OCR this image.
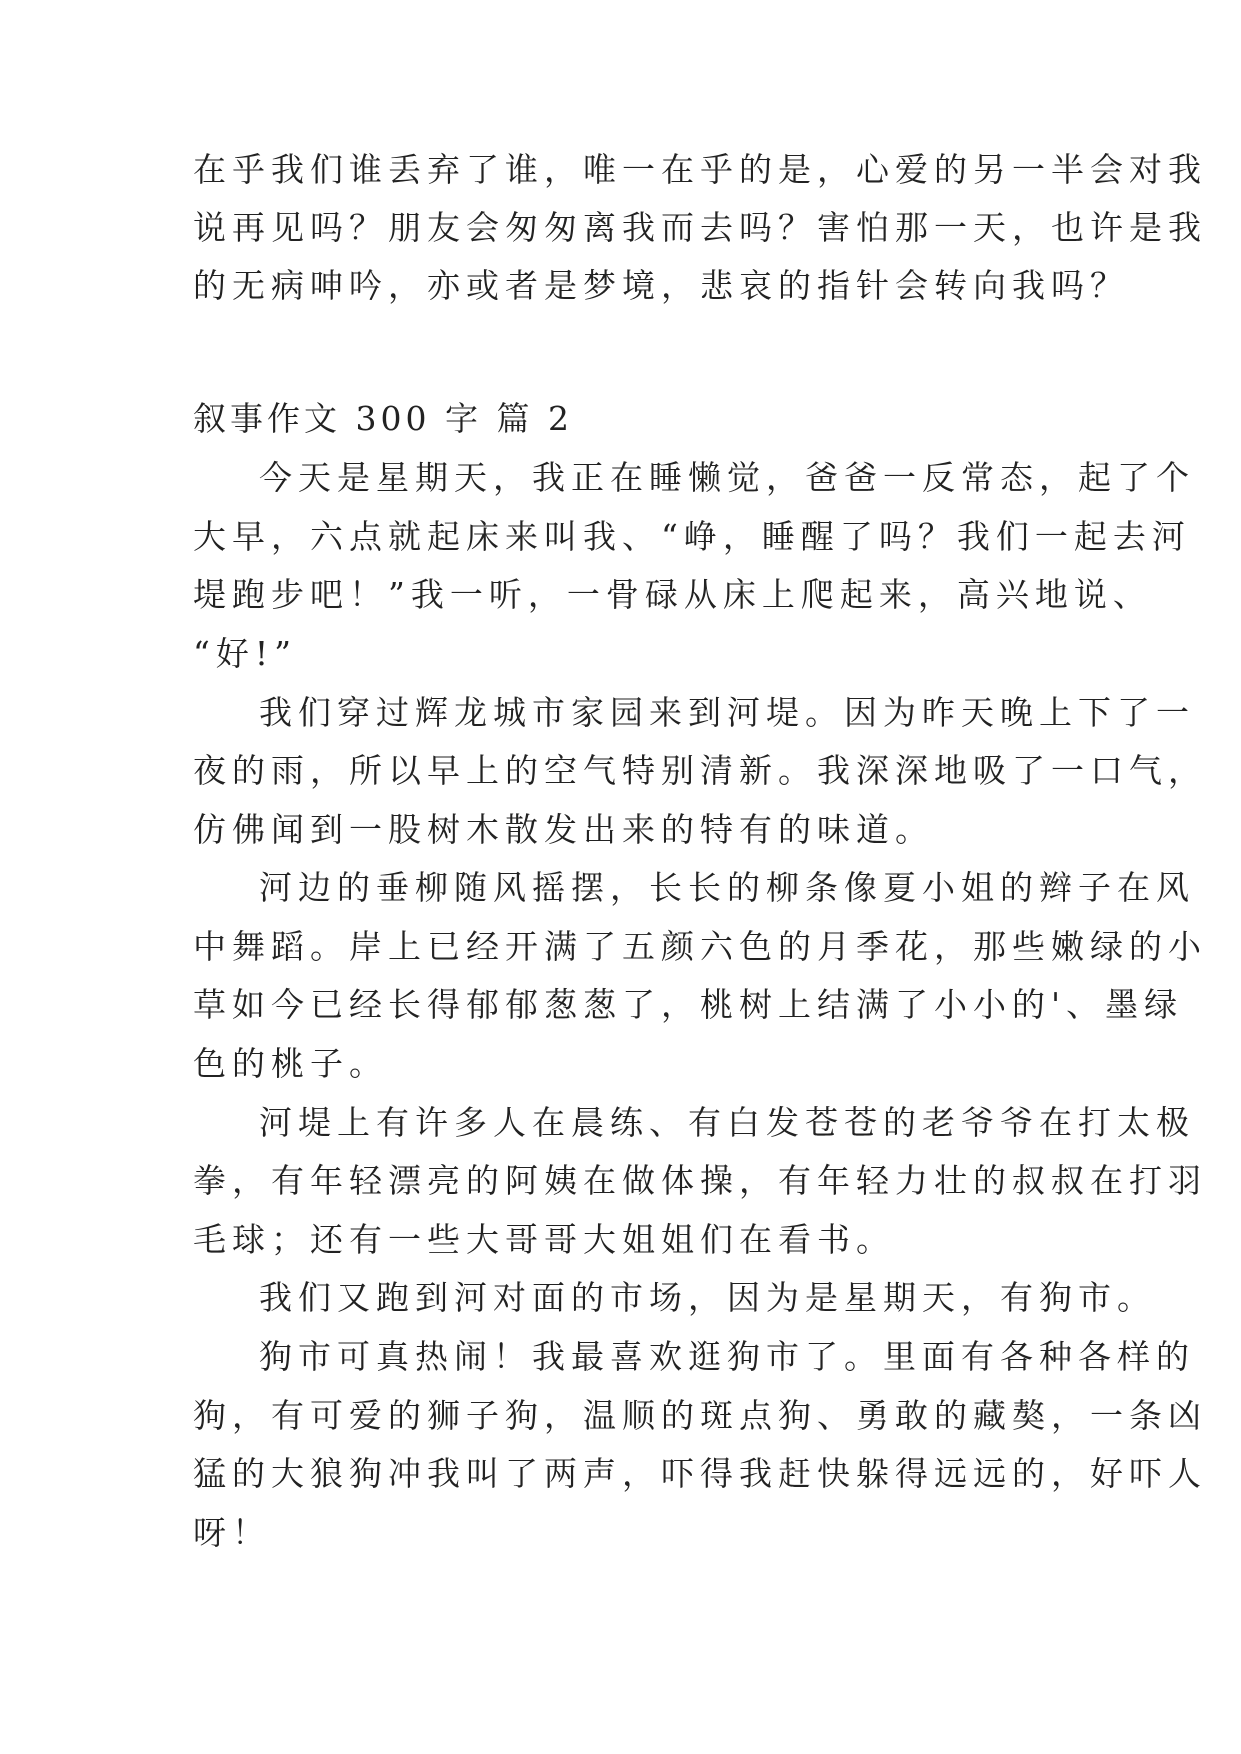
在乎我们谁丢弃了谁，唯一在乎的是，心爱的另一半会对我
说再见吗？朋友会匆匆离我而去吗？害怕那一天，也许是我
的无病呻吟，亦或者是梦境，悲哀的指针会转向我吗？
叙事作文 300 字 篇 2
今天是星期天，我正在睡懒觉，爸爸一反常态，起了个
大早，六点就起床来叫我、“峥，睡醒了吗？我们一起去河
堤跑步吧！”我一听，一骨碌从床上爬起来，高兴地说、
“好!”
我们穿过辉龙城市家园来到河堤。因为昨天晚上下了一
夜的雨，所以早上的空气特别清新。我深深地吸了一口气，
仿佛闻到一股树木散发出来的特有的味道。
河边的垂柳随风摇摆，长长的柳条像夏小姐的辫子在风
中舞蹈。岸上已经开满了五颜六色的月季花，那些嫩绿的小
草如今已经长得郁郁葱葱了，桃树上结满了小小的'、墨绿
色的桃子。
河堤上有许多人在晨练、有白发苍苍的老爷爷在打太极
拳，有年轻漂亮的阿姨在做体操，有年轻力壮的叔叔在打羽
毛球；还有一些大哥哥大姐姐们在看书。
我们又跑到河对面的市场，因为是星期天，有狗市。
狗市可真热闹！我最喜欢逛狗市了。里面有各种各样的
狗，有可爱的狮子狗，温顺的斑点狗、勇敢的藏獒，一条凶
猛的大狼狗冲我叫了两声，吓得我赶快躲得远远的，好吓人
呀！
